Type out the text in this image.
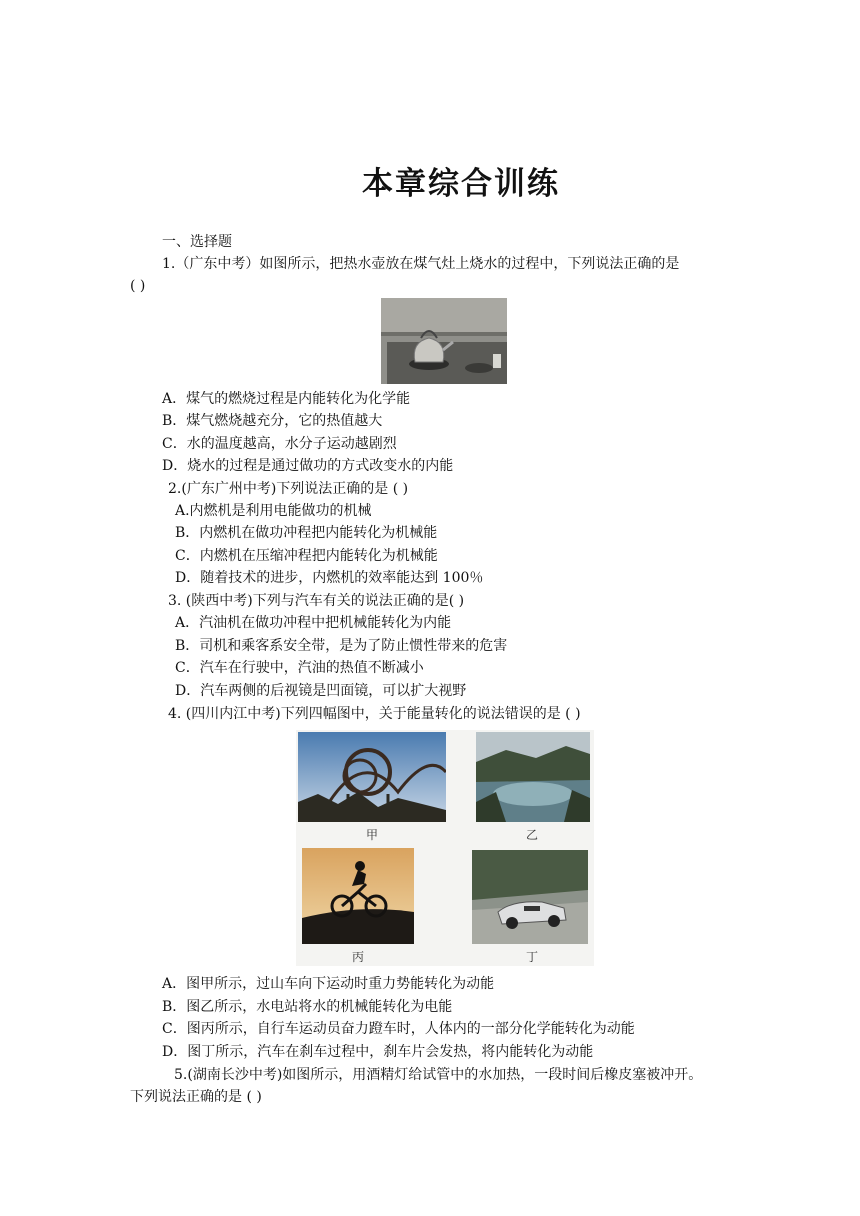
本章综合训练
一、选择题
1.（广东中考）如图所示，把热水壶放在煤气灶上烧水的过程中，下列说法正确的是
( )
A．煤气的燃烧过程是内能转化为化学能
B．煤气燃烧越充分，它的热值越大
C．水的温度越高，水分子运动越剧烈
D．烧水的过程是通过做功的方式改变水的内能
2.(广东广州中考)下列说法正确的是 ( )
A.内燃机是利用电能做功的机械
B．内燃机在做功冲程把内能转化为机械能
C．内燃机在压缩冲程把内能转化为机械能
D．随着技术的进步，内燃机的效率能达到 100％
3. (陕西中考)下列与汽车有关的说法正确的是( )
A．汽油机在做功冲程中把机械能转化为内能
B．司机和乘客系安全带，是为了防止惯性带来的危害
C．汽车在行驶中，汽油的热值不断减小
D．汽车两侧的后视镜是凹面镜，可以扩大视野
4. (四川内江中考)下列四幅图中，关于能量转化的说法错误的是 ( )
甲	乙
丙	丁
A．图甲所示，过山车向下运动时重力势能转化为动能
B．图乙所示，水电站将水的机械能转化为电能
C．图丙所示，自行车运动员奋力蹬车时，人体内的一部分化学能转化为动能
D．图丁所示，汽车在刹车过程中，刹车片会发热，将内能转化为动能
5.(湖南长沙中考)如图所示，用酒精灯给试管中的水加热，一段时间后橡皮塞被冲开。
下列说法正确的是 ( )
